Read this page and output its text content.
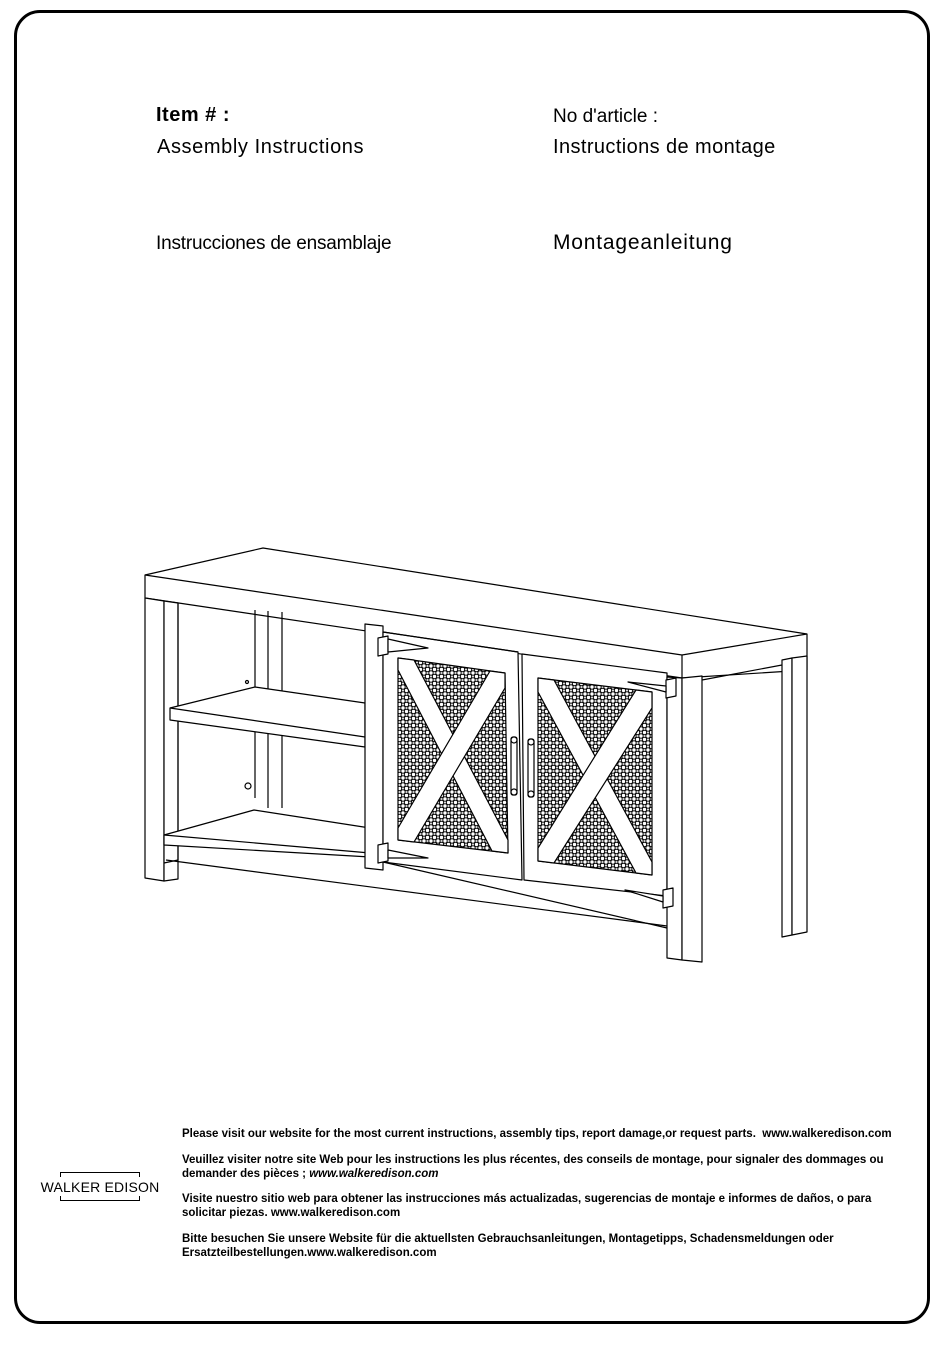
Item # :
Assembly Instructions
No d'article :
Instructions de montage
Instrucciones de ensamblaje	Montageanleitung
WALKER EDISON
Please visit our website for the most current instructions, assembly tips, report damage,or request parts. www.walkeredison.com
Veuillez visiter notre site Web pour les instructions les plus récentes, des conseils de montage, pour signaler des dommages ou demander des pièces ; www.walkeredison.com
Visite nuestro sitio web para obtener las instrucciones más actualizadas, sugerencias de montaje e informes de daños, o para solicitar piezas. www.walkeredison.com
Bitte besuchen Sie unsere Website für die aktuellsten Gebrauchsanleitungen, Montagetipps, Schadensmeldungen oder Ersatzteilbestellungen.www.walkeredison.com
